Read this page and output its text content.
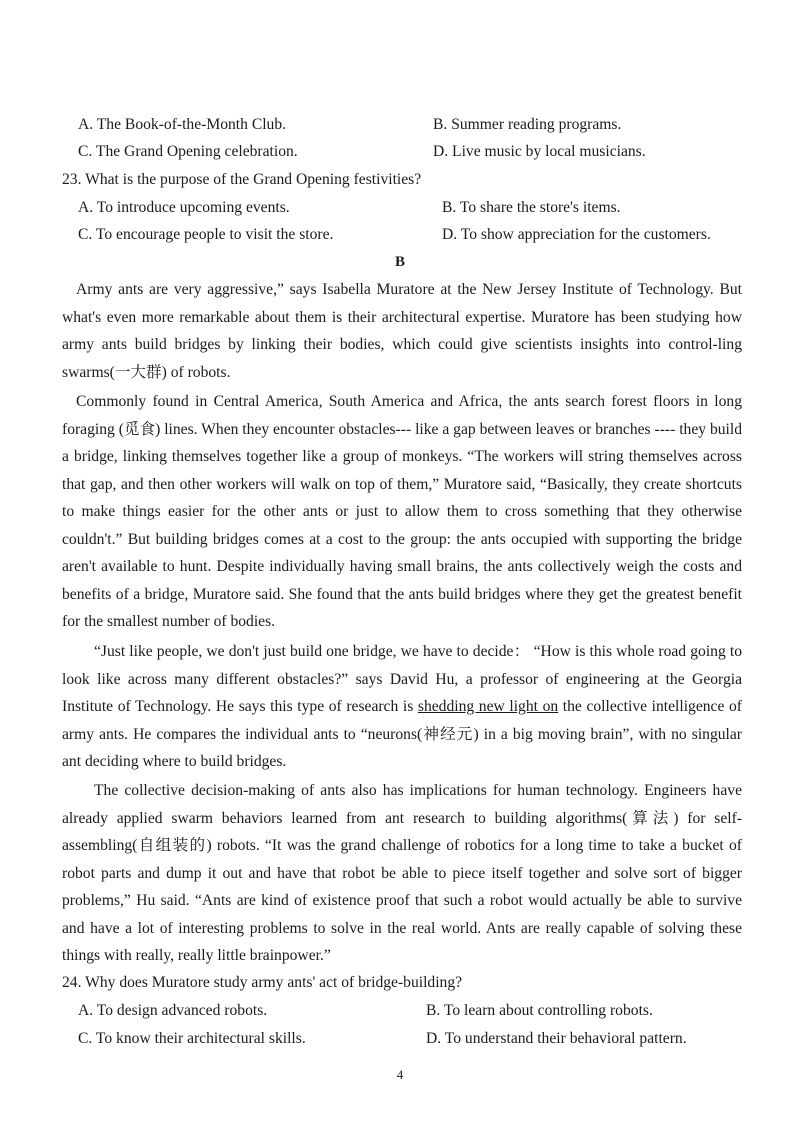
A. The Book-of-the-Month Club.	B. Summer reading programs.
C. The Grand Opening celebration.	D. Live music by local musicians.
23. What is the purpose of the Grand Opening festivities?
A. To introduce upcoming events.	B. To share the store's items.
C. To encourage people to visit the store.	D. To show appreciation for the customers.
B

Army ants are very aggressive,” says Isabella Muratore at the New Jersey Institute of Technology. But what's even more remarkable about them is their architectural expertise. Muratore has been studying how army ants build bridges by linking their bodies, which could give scientists insights into control-ling swarms(一大群) of robots.

Commonly found in Central America, South America and Africa, the ants search forest floors in long foraging (觅食) lines. When they encounter obstacles--- like a gap between leaves or branches ---- they build a bridge, linking themselves together like a group of monkeys. “The workers will string themselves across that gap, and then other workers will walk on top of them,” Muratore said, “Basically, they create shortcuts to make things easier for the other ants or just to allow them to cross something that they otherwise couldn't.” But building bridges comes at a cost to the group: the ants occupied with supporting the bridge aren't available to hunt. Despite individually having small brains, the ants collectively weigh the costs and benefits of a bridge, Muratore said. She found that the ants build bridges where they get the greatest benefit for the smallest number of bodies.

“Just like people, we don't just build one bridge, we have to decide： “How is this whole road going to look like across many different obstacles?” says David Hu, a professor of engineering at the Georgia Institute of Technology. He says this type of research is shedding new light on the collective intelligence of army ants. He compares the individual ants to “neurons(神经元) in a big moving brain”, with no singular ant deciding where to build bridges.

The collective decision-making of ants also has implications for human technology. Engineers have already applied swarm behaviors learned from ant research to building algorithms(算法) for self-assembling(自组装的) robots. “It was the grand challenge of robotics for a long time to take a bucket of robot parts and dump it out and have that robot be able to piece itself together and solve sort of bigger problems,” Hu said. “Ants are kind of existence proof that such a robot would actually be able to survive and have a lot of interesting problems to solve in the real world. Ants are really capable of solving these things with really, really little brainpower.”

24. Why does Muratore study army ants' act of bridge-building?
A. To design advanced robots.	B. To learn about controlling robots.
C. To know their architectural skills.	D. To understand their behavioral pattern.
4
